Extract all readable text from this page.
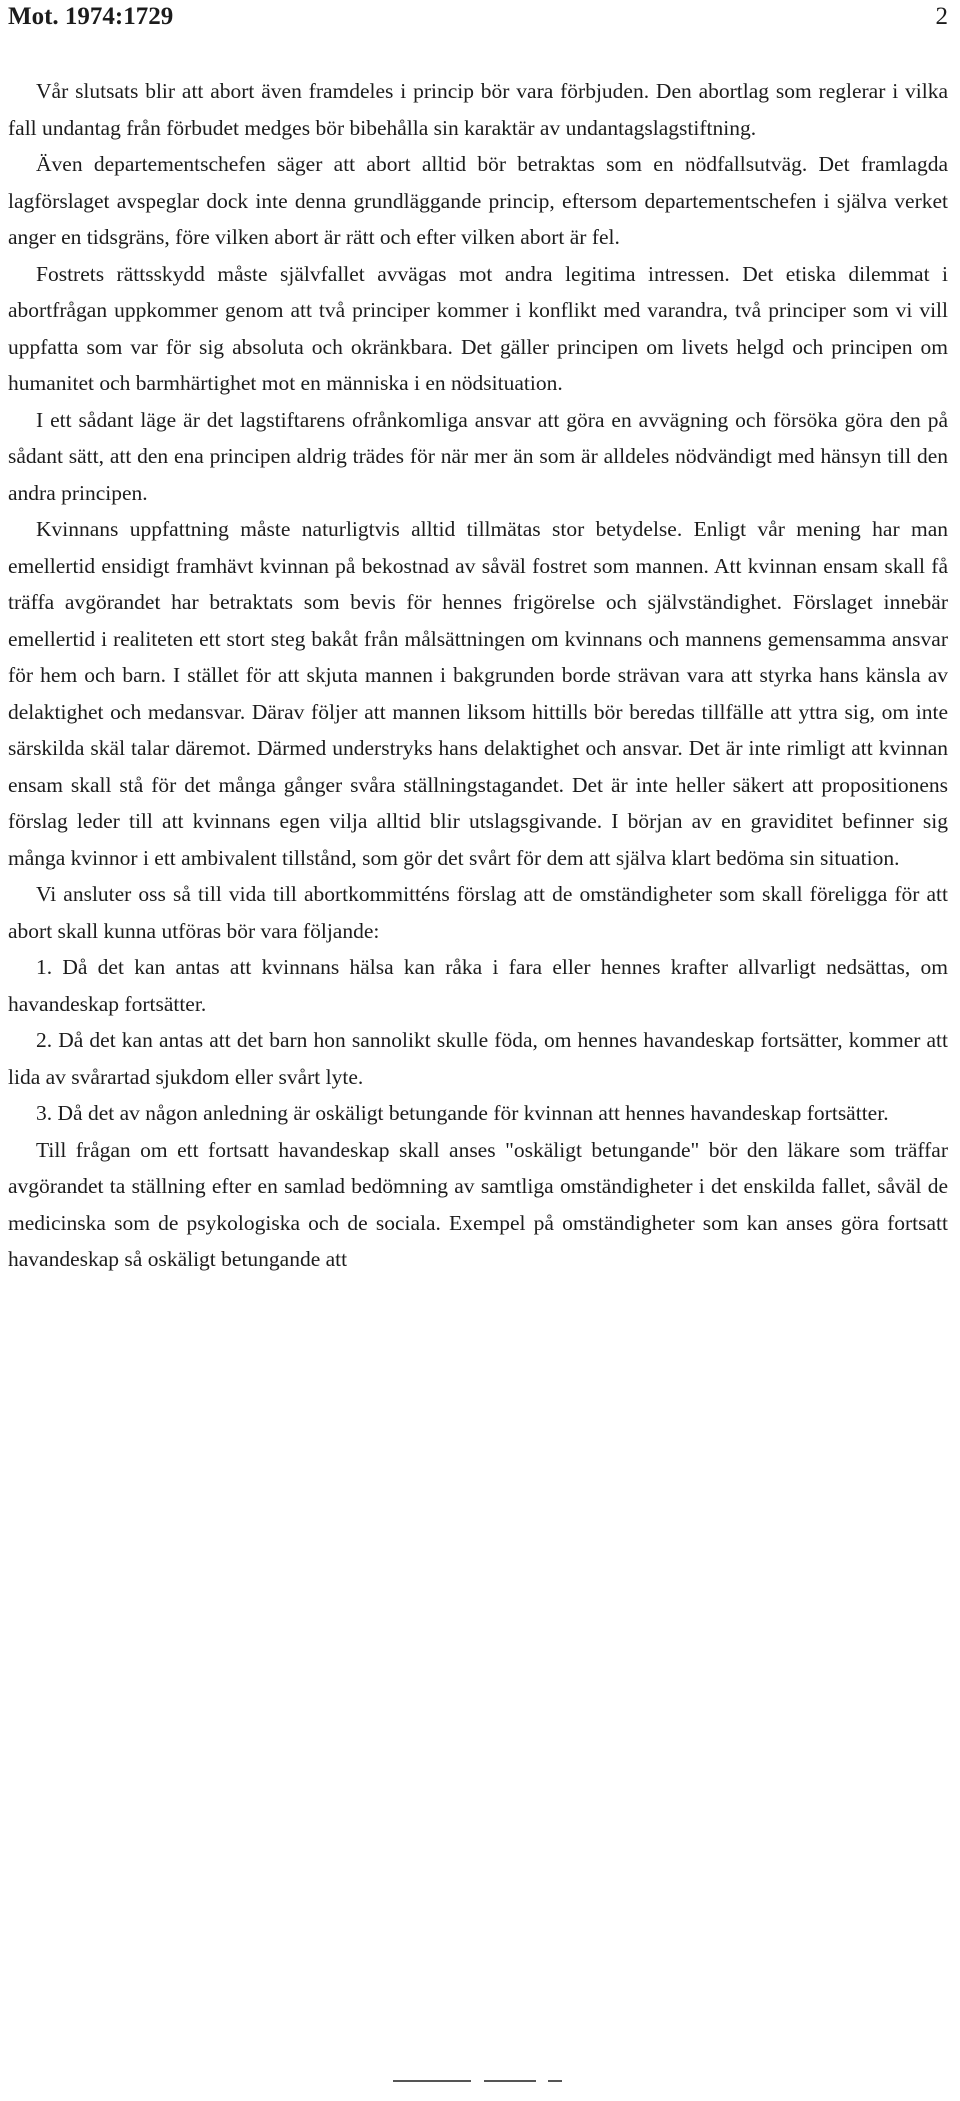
Mot. 1974:1729	2

Vår slutsats blir att abort även framdeles i princip bör vara förbjuden. Den abortlag som reglerar i vilka fall undantag från förbudet medges bör bibehålla sin karaktär av undantagslagstiftning.

Även departementschefen säger att abort alltid bör betraktas som en nödfallsutväg. Det framlagda lagförslaget avspeglar dock inte denna grundläggande princip, eftersom departementschefen i själva verket anger en tidsgräns, före vilken abort är rätt och efter vilken abort är fel.

Fostrets rättsskydd måste självfallet avvägas mot andra legitima intressen. Det etiska dilemmat i abortfrågan uppkommer genom att två principer kommer i konflikt med varandra, två principer som vi vill uppfatta som var för sig absoluta och okränkbara. Det gäller principen om livets helgd och principen om humanitet och barmhärtighet mot en människa i en nödsituation.

I ett sådant läge är det lagstiftarens ofrånkomliga ansvar att göra en avvägning och försöka göra den på sådant sätt, att den ena principen aldrig trädes för när mer än som är alldeles nödvändigt med hänsyn till den andra principen.

Kvinnans uppfattning måste naturligtvis alltid tillmätas stor betydelse. Enligt vår mening har man emellertid ensidigt framhävt kvinnan på bekostnad av såväl fostret som mannen. Att kvinnan ensam skall få träffa avgörandet har betraktats som bevis för hennes frigörelse och självständighet. Förslaget innebär emellertid i realiteten ett stort steg bakåt från målsättningen om kvinnans och mannens gemensamma ansvar för hem och barn. I stället för att skjuta mannen i bakgrunden borde strävan vara att styrka hans känsla av delaktighet och medansvar. Därav följer att mannen liksom hittills bör beredas tillfälle att yttra sig, om inte särskilda skäl talar däremot. Därmed understryks hans delaktighet och ansvar. Det är inte rimligt att kvinnan ensam skall stå för det många gånger svåra ställningstagandet. Det är inte heller säkert att propositionens förslag leder till att kvinnans egen vilja alltid blir utslagsgivande. I början av en graviditet befinner sig många kvinnor i ett ambivalent tillstånd, som gör det svårt för dem att själva klart bedöma sin situation.

Vi ansluter oss så till vida till abortkommitténs förslag att de omständigheter som skall föreligga för att abort skall kunna utföras bör vara följande:

1. Då det kan antas att kvinnans hälsa kan råka i fara eller hennes krafter allvarligt nedsättas, om havandeskap fortsätter.

2. Då det kan antas att det barn hon sannolikt skulle föda, om hennes havandeskap fortsätter, kommer att lida av svårartad sjukdom eller svårt lyte.

3. Då det av någon anledning är oskäligt betungande för kvinnan att hennes havandeskap fortsätter.

Till frågan om ett fortsatt havandeskap skall anses "oskäligt betungande" bör den läkare som träffar avgörandet ta ställning efter en samlad bedömning av samtliga omständigheter i det enskilda fallet, såväl de medicinska som de psykologiska och de sociala. Exempel på omständigheter som kan anses göra fortsatt havandeskap så oskäligt betungande att
